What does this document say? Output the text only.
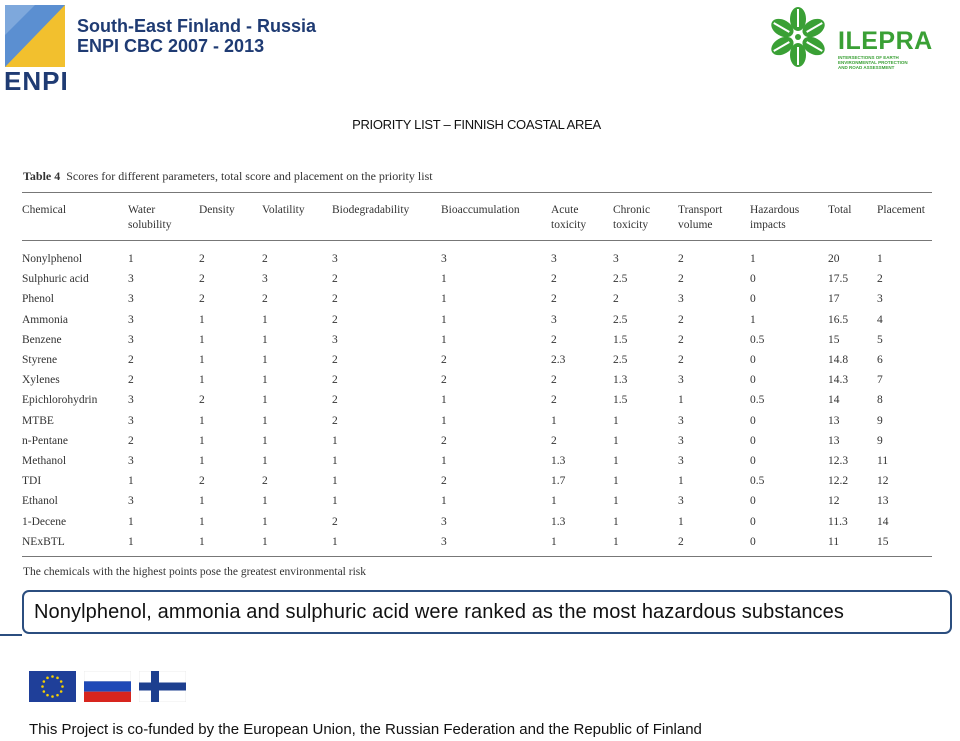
ENPI
South-East Finland - Russia
ENPI CBC 2007 - 2013	ILEPRA
INTERSECTIONS OF EARTH ENVIRONMENTAL PROTECTION AND ROAD ASSESSMENT
PRIORITY LIST – FINNISH COASTAL AREA
Table 4 Scores for different parameters, total score and placement on the priority list
Chemical	Water solubility	Density	Volatility	Biodegradability	Bioaccumulation	Acute toxicity	Chronic toxicity	Transport volume	Hazardous impacts	Total	Placement
Nonylphenol	1	2	2	3	3	3	3	2	1	20	1
Sulphuric acid	3	2	3	2	1	2	2.5	2	0	17.5	2
Phenol	3	2	2	2	1	2	2	3	0	17	3
Ammonia	3	1	1	2	1	3	2.5	2	1	16.5	4
Benzene	3	1	1	3	1	2	1.5	2	0.5	15	5
Styrene	2	1	1	2	2	2.3	2.5	2	0	14.8	6
Xylenes	2	1	1	2	2	2	1.3	3	0	14.3	7
Epichlorohydrin	3	2	1	2	1	2	1.5	1	0.5	14	8
MTBE	3	1	1	2	1	1	1	3	0	13	9
n-Pentane	2	1	1	1	2	2	1	3	0	13	9
Methanol	3	1	1	1	1	1.3	1	3	0	12.3	11
TDI	1	2	2	1	2	1.7	1	1	0.5	12.2	12
Ethanol	3	1	1	1	1	1	1	3	0	12	13
1-Decene	1	1	1	2	3	1.3	1	1	0	11.3	14
NExBTL	1	1	1	1	3	1	1	2	0	11	15
The chemicals with the highest points pose the greatest environmental risk
Nonylphenol, ammonia and sulphuric acid were ranked as the most hazardous substances
This Project is co-funded by the European Union, the Russian Federation and the Republic of Finland
